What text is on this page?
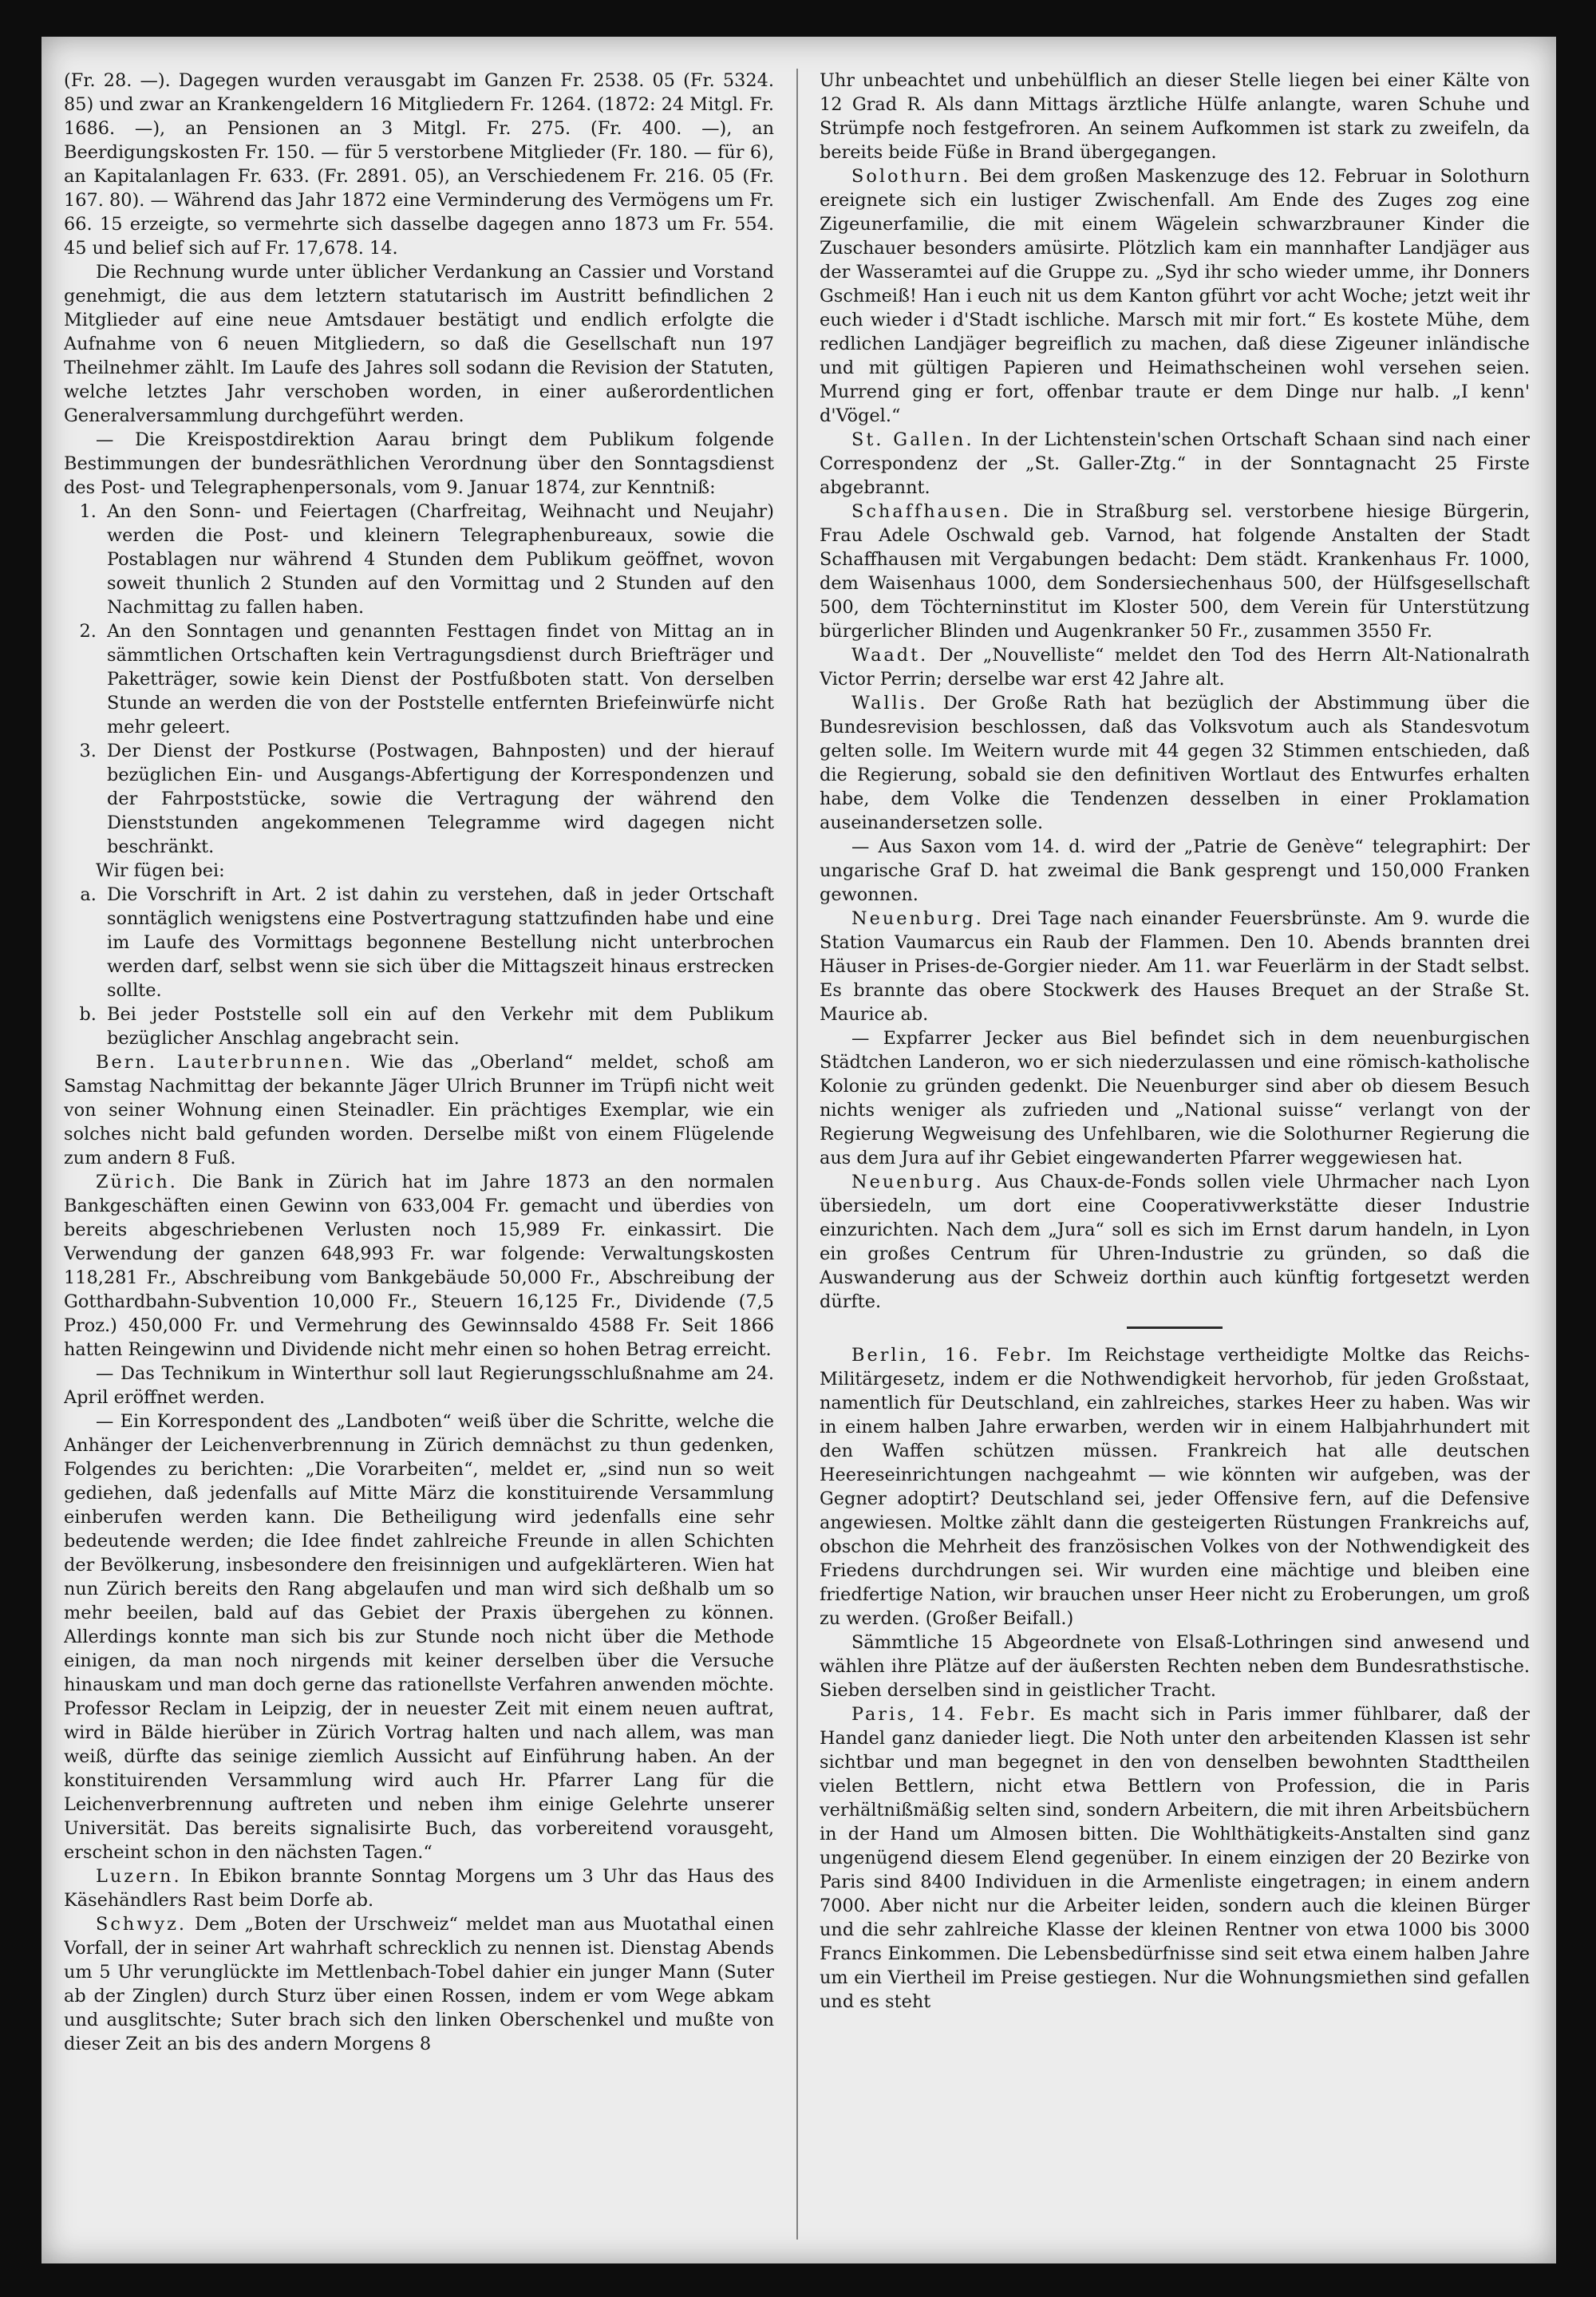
(Fr. 28. —). Dagegen wurden verausgabt im Ganzen Fr. 2538. 05 (Fr. 5324. 85) und zwar an Krankengeldern 16 Mitgliedern Fr. 1264. (1872: 24 Mitgl. Fr. 1686. —), an Pensionen an 3 Mitgl. Fr. 275. (Fr. 400. —), an Beerdigungskosten Fr. 150. — für 5 verstorbene Mitglieder (Fr. 180. — für 6), an Kapitalanlagen Fr. 633. (Fr. 2891. 05), an Verschiedenem Fr. 216. 05 (Fr. 167. 80). — Während das Jahr 1872 eine Verminderung des Vermögens um Fr. 66. 15 erzeigte, so vermehrte sich dasselbe dagegen anno 1873 um Fr. 554. 45 und belief sich auf Fr. 17,678. 14.

Die Rechnung wurde unter üblicher Verdankung an Cassier und Vorstand genehmigt, die aus dem letztern statutarisch im Austritt befindlichen 2 Mitglieder auf eine neue Amtsdauer bestätigt und endlich erfolgte die Aufnahme von 6 neuen Mitgliedern, so daß die Gesellschaft nun 197 Theilnehmer zählt. Im Laufe des Jahres soll sodann die Revision der Statuten, welche letztes Jahr verschoben worden, in einer außerordentlichen Generalversammlung durchgeführt werden.

— Die Kreispostdirektion Aarau bringt dem Publikum folgende Bestimmungen der bundesräthlichen Verordnung über den Sonntagsdienst des Post- und Telegraphenpersonals, vom 9. Januar 1874, zur Kenntniß:

1. An den Sonn- und Feiertagen (Charfreitag, Weihnacht und Neujahr) werden die Post- und kleinern Telegraphenbureaux, sowie die Postablagen nur während 4 Stunden dem Publikum geöffnet, wovon soweit thunlich 2 Stunden auf den Vormittag und 2 Stunden auf den Nachmittag zu fallen haben.
2. An den Sonntagen und genannten Festtagen findet von Mittag an in sämmtlichen Ortschaften kein Vertragungsdienst durch Briefträger und Paketträger, sowie kein Dienst der Postfußboten statt. Von derselben Stunde an werden die von der Poststelle entfernten Briefeinwürfe nicht mehr geleert.
3. Der Dienst der Postkurse (Postwagen, Bahnposten) und der hierauf bezüglichen Ein- und Ausgangs-Abfertigung der Korrespondenzen und der Fahrpoststücke, sowie die Vertragung der während den Dienststunden angekommenen Telegramme wird dagegen nicht beschränkt.

Wir fügen bei:

a. Die Vorschrift in Art. 2 ist dahin zu verstehen, daß in jeder Ortschaft sonntäglich wenigstens eine Postvertragung stattzufinden habe und eine im Laufe des Vormittags begonnene Bestellung nicht unterbrochen werden darf, selbst wenn sie sich über die Mittagszeit hinaus erstrecken sollte.
b. Bei jeder Poststelle soll ein auf den Verkehr mit dem Publikum bezüglicher Anschlag angebracht sein.

Bern. Lauterbrunnen. Wie das „Oberland“ meldet, schoß am Samstag Nachmittag der bekannte Jäger Ulrich Brunner im Trüpfi nicht weit von seiner Wohnung einen Steinadler. Ein prächtiges Exemplar, wie ein solches nicht bald gefunden worden. Derselbe mißt von einem Flügelende zum andern 8 Fuß.

Zürich. Die Bank in Zürich hat im Jahre 1873 an den normalen Bankgeschäften einen Gewinn von 633,004 Fr. gemacht und überdies von bereits abgeschriebenen Verlusten noch 15,989 Fr. einkassirt. Die Verwendung der ganzen 648,993 Fr. war folgende: Verwaltungskosten 118,281 Fr., Abschreibung vom Bankgebäude 50,000 Fr., Abschreibung der Gotthardbahn-Subvention 10,000 Fr., Steuern 16,125 Fr., Dividende (7,5 Proz.) 450,000 Fr. und Vermehrung des Gewinnsaldo 4588 Fr. Seit 1866 hatten Reingewinn und Dividende nicht mehr einen so hohen Betrag erreicht.

— Das Technikum in Winterthur soll laut Regierungsschlußnahme am 24. April eröffnet werden.

— Ein Korrespondent des „Landboten“ weiß über die Schritte, welche die Anhänger der Leichenverbrennung in Zürich demnächst zu thun gedenken, Folgendes zu berichten: „Die Vorarbeiten“, meldet er, „sind nun so weit gediehen, daß jedenfalls auf Mitte März die konstituirende Versammlung einberufen werden kann. Die Betheiligung wird jedenfalls eine sehr bedeutende werden; die Idee findet zahlreiche Freunde in allen Schichten der Bevölkerung, insbesondere den freisinnigen und aufgeklärteren. Wien hat nun Zürich bereits den Rang abgelaufen und man wird sich deßhalb um so mehr beeilen, bald auf das Gebiet der Praxis übergehen zu können. Allerdings konnte man sich bis zur Stunde noch nicht über die Methode einigen, da man noch nirgends mit keiner derselben über die Versuche hinauskam und man doch gerne das rationellste Verfahren anwenden möchte. Professor Reclam in Leipzig, der in neuester Zeit mit einem neuen auftrat, wird in Bälde hierüber in Zürich Vortrag halten und nach allem, was man weiß, dürfte das seinige ziemlich Aussicht auf Einführung haben. An der konstituirenden Versammlung wird auch Hr. Pfarrer Lang für die Leichenverbrennung auftreten und neben ihm einige Gelehrte unserer Universität. Das bereits signalisirte Buch, das vorbereitend vorausgeht, erscheint schon in den nächsten Tagen.“

Luzern. In Ebikon brannte Sonntag Morgens um 3 Uhr das Haus des Käsehändlers Rast beim Dorfe ab.

Schwyz. Dem „Boten der Urschweiz“ meldet man aus Muotathal einen Vorfall, der in seiner Art wahrhaft schrecklich zu nennen ist. Dienstag Abends um 5 Uhr verunglückte im Mettlenbach-Tobel dahier ein junger Mann (Suter ab der Zinglen) durch Sturz über einen Rossen, indem er vom Wege abkam und ausglitschte; Suter brach sich den linken Oberschenkel und mußte von dieser Zeit an bis des andern Morgens 8

Uhr unbeachtet und unbehülflich an dieser Stelle liegen bei einer Kälte von 12 Grad R. Als dann Mittags ärztliche Hülfe anlangte, waren Schuhe und Strümpfe noch festgefroren. An seinem Aufkommen ist stark zu zweifeln, da bereits beide Füße in Brand übergegangen.

Solothurn. Bei dem großen Maskenzuge des 12. Februar in Solothurn ereignete sich ein lustiger Zwischenfall. Am Ende des Zuges zog eine Zigeunerfamilie, die mit einem Wägelein schwarzbrauner Kinder die Zuschauer besonders amüsirte. Plötzlich kam ein mannhafter Landjäger aus der Wasseramtei auf die Gruppe zu. „Syd ihr scho wieder umme, ihr Donners Gschmeiß! Han i euch nit us dem Kanton gführt vor acht Woche; jetzt weit ihr euch wieder i d'Stadt ischliche. Marsch mit mir fort.“ Es kostete Mühe, dem redlichen Landjäger begreiflich zu machen, daß diese Zigeuner inländische und mit gültigen Papieren und Heimathscheinen wohl versehen seien. Murrend ging er fort, offenbar traute er dem Dinge nur halb. „I kenn' d'Vögel.“

St. Gallen. In der Lichtenstein'schen Ortschaft Schaan sind nach einer Correspondenz der „St. Galler-Ztg.“ in der Sonntagnacht 25 Firste abgebrannt.

Schaffhausen. Die in Straßburg sel. verstorbene hiesige Bürgerin, Frau Adele Oschwald geb. Varnod, hat folgende Anstalten der Stadt Schaffhausen mit Vergabungen bedacht: Dem städt. Krankenhaus Fr. 1000, dem Waisenhaus 1000, dem Sondersiechenhaus 500, der Hülfsgesellschaft 500, dem Töchterninstitut im Kloster 500, dem Verein für Unterstützung bürgerlicher Blinden und Augenkranker 50 Fr., zusammen 3550 Fr.

Waadt. Der „Nouvelliste“ meldet den Tod des Herrn Alt-Nationalrath Victor Perrin; derselbe war erst 42 Jahre alt.

Wallis. Der Große Rath hat bezüglich der Abstimmung über die Bundesrevision beschlossen, daß das Volksvotum auch als Standesvotum gelten solle. Im Weitern wurde mit 44 gegen 32 Stimmen entschieden, daß die Regierung, sobald sie den definitiven Wortlaut des Entwurfes erhalten habe, dem Volke die Tendenzen desselben in einer Proklamation auseinandersetzen solle.

— Aus Saxon vom 14. d. wird der „Patrie de Genève“ telegraphirt: Der ungarische Graf D. hat zweimal die Bank gesprengt und 150,000 Franken gewonnen.

Neuenburg. Drei Tage nach einander Feuersbrünste. Am 9. wurde die Station Vaumarcus ein Raub der Flammen. Den 10. Abends brannten drei Häuser in Prises-de-Gorgier nieder. Am 11. war Feuerlärm in der Stadt selbst. Es brannte das obere Stockwerk des Hauses Brequet an der Straße St. Maurice ab.

— Expfarrer Jecker aus Biel befindet sich in dem neuenburgischen Städtchen Landeron, wo er sich niederzulassen und eine römisch-katholische Kolonie zu gründen gedenkt. Die Neuenburger sind aber ob diesem Besuch nichts weniger als zufrieden und „National suisse“ verlangt von der Regierung Wegweisung des Unfehlbaren, wie die Solothurner Regierung die aus dem Jura auf ihr Gebiet eingewanderten Pfarrer weggewiesen hat.

Neuenburg. Aus Chaux-de-Fonds sollen viele Uhrmacher nach Lyon übersiedeln, um dort eine Cooperativwerkstätte dieser Industrie einzurichten. Nach dem „Jura“ soll es sich im Ernst darum handeln, in Lyon ein großes Centrum für Uhren-Industrie zu gründen, so daß die Auswanderung aus der Schweiz dorthin auch künftig fortgesetzt werden dürfte.

Berlin, 16. Febr. Im Reichstage vertheidigte Moltke das Reichs-Militärgesetz, indem er die Nothwendigkeit hervorhob, für jeden Großstaat, namentlich für Deutschland, ein zahlreiches, starkes Heer zu haben. Was wir in einem halben Jahre erwarben, werden wir in einem Halbjahrhundert mit den Waffen schützen müssen. Frankreich hat alle deutschen Heereseinrichtungen nachgeahmt — wie könnten wir aufgeben, was der Gegner adoptirt? Deutschland sei, jeder Offensive fern, auf die Defensive angewiesen. Moltke zählt dann die gesteigerten Rüstungen Frankreichs auf, obschon die Mehrheit des französischen Volkes von der Nothwendigkeit des Friedens durchdrungen sei. Wir wurden eine mächtige und bleiben eine friedfertige Nation, wir brauchen unser Heer nicht zu Eroberungen, um groß zu werden. (Großer Beifall.)

Sämmtliche 15 Abgeordnete von Elsaß-Lothringen sind anwesend und wählen ihre Plätze auf der äußersten Rechten neben dem Bundesrathstische. Sieben derselben sind in geistlicher Tracht.

Paris, 14. Febr. Es macht sich in Paris immer fühlbarer, daß der Handel ganz danieder liegt. Die Noth unter den arbeitenden Klassen ist sehr sichtbar und man begegnet in den von denselben bewohnten Stadttheilen vielen Bettlern, nicht etwa Bettlern von Profession, die in Paris verhältnißmäßig selten sind, sondern Arbeitern, die mit ihren Arbeitsbüchern in der Hand um Almosen bitten. Die Wohlthätigkeits-Anstalten sind ganz ungenügend diesem Elend gegenüber. In einem einzigen der 20 Bezirke von Paris sind 8400 Individuen in die Armenliste eingetragen; in einem andern 7000. Aber nicht nur die Arbeiter leiden, sondern auch die kleinen Bürger und die sehr zahlreiche Klasse der kleinen Rentner von etwa 1000 bis 3000 Francs Einkommen. Die Lebensbedürfnisse sind seit etwa einem halben Jahre um ein Viertheil im Preise gestiegen. Nur die Wohnungsmiethen sind gefallen und es steht
